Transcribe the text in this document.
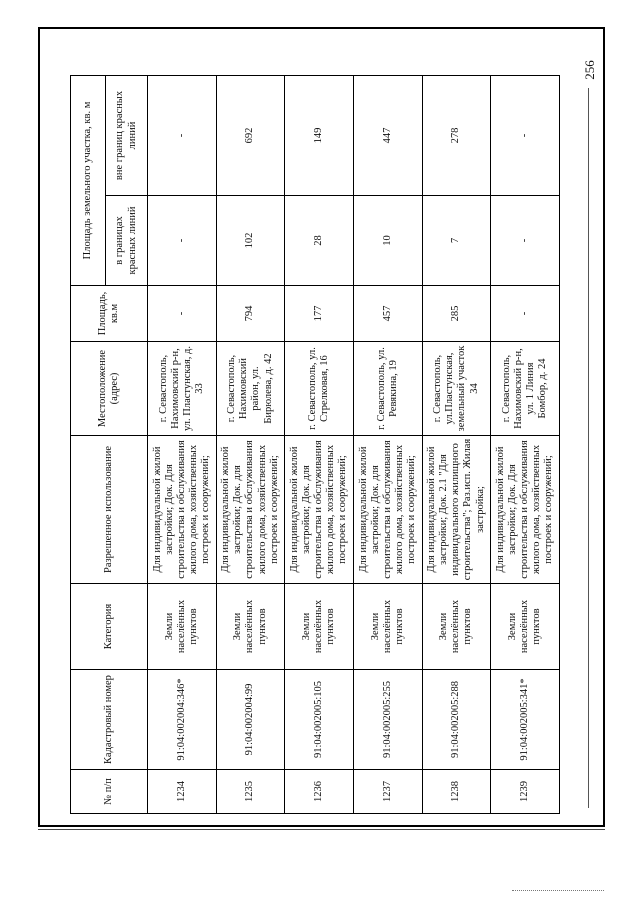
256
№ п/п	Кадастровый номер	Категория	Разрешенное использование	Местоположение (адрес)	Площадь, кв.м	Площадь земельного участка, кв. м	
						в границах красных линий	вне границ красных линий
1234	91:04:002004:346*	Земли населённых пунктов	Для индивидуальной жилой застройки; Док. Для строительства и обслуживания жилого дома, хозяйственных построек и сооружений;	г. Севастополь, Нахимовский р-н, ул. Пластунская, д. 33	-	-	-
1235	91:04:002004:99	Земли населённых пунктов	Для индивидуальной жилой застройки; Док. для строительства и обслуживания жилого дома, хозяйственных построек и сооружений;	г. Севастополь, Нахимовский район, ул. Бирюлева, д. 42	794	102	692
1236	91:04:002005:105	Земли населённых пунктов	Для индивидуальной жилой застройки; Док. для строительства и обслуживания жилого дома, хозяйственных построек и сооружений;	г. Севастополь, ул. Стрелковая, 16	177	28	149
1237	91:04:002005:255	Земли населённых пунктов	Для индивидуальной жилой застройки; Док. для строительства и обслуживания жилого дома, хозяйственных построек и сооружений;	г. Севастополь, ул. Ревякина, 19	457	10	447
1238	91:04:002005:288	Земли населённых пунктов	Для индивидуальной жилой застройки; Док. 2.1 "Для индивидуального жилищного строительства"; Раз.исп. Жилая застройка;	г. Севастополь, ул.Пластунская, земельный участок 34	285	7	278
1239	91:04:002005:341*	Земли населённых пунктов	Для индивидуальной жилой застройки; Док. Для строительства и обслуживания жилого дома, хозяйственных построек и сооружений;	г. Севастополь, Нахимовский р-н, ул. 1 Линия Бомбор, д. 24	-	-	-
